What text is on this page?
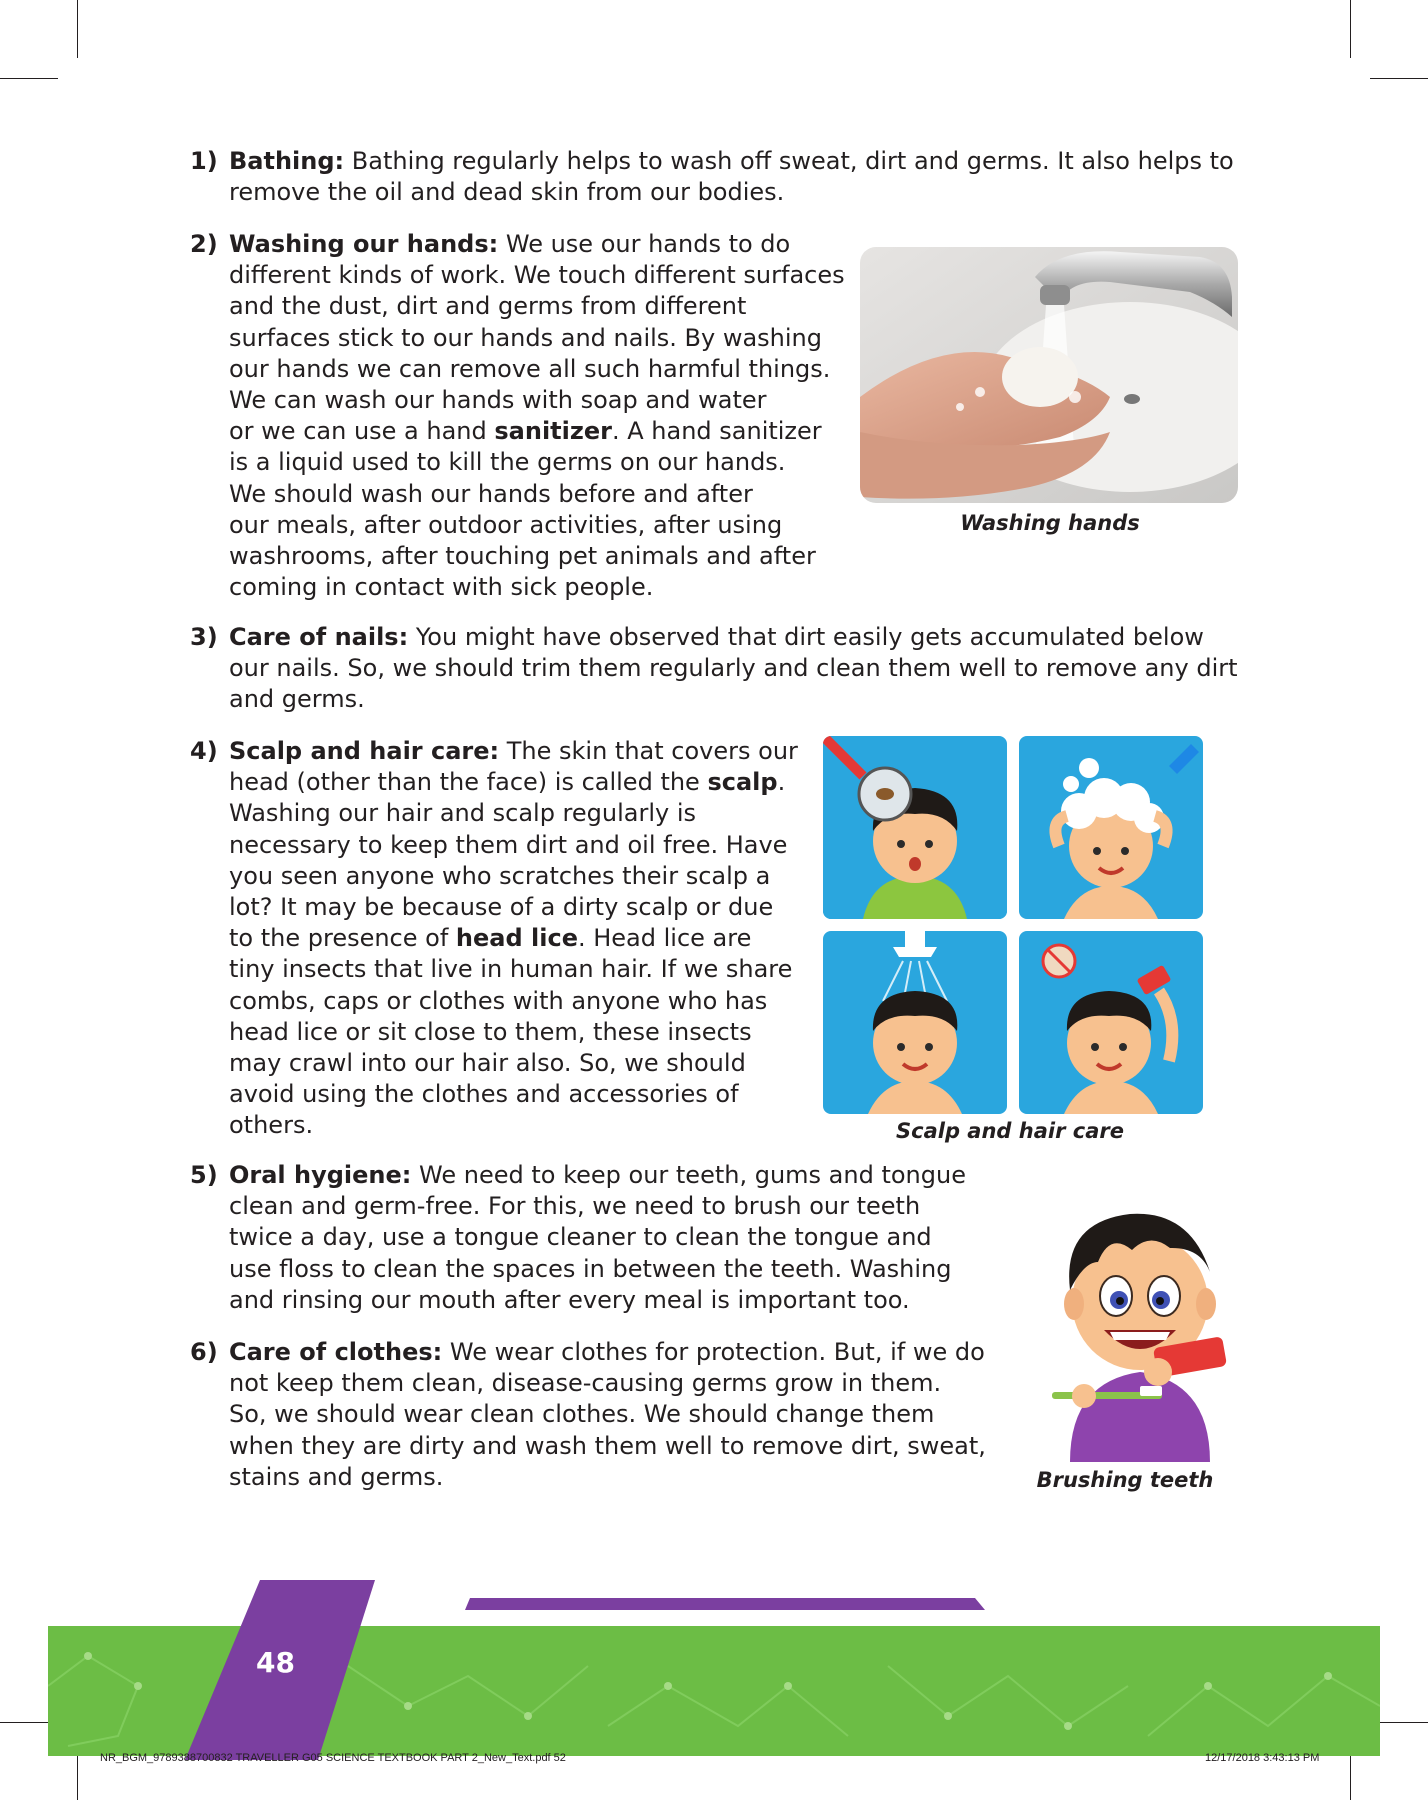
1) Bathing: Bathing regularly helps to wash off sweat, dirt and germs. It also helps to
remove the oil and dead skin from our bodies.
2) Washing our hands: We use our hands to do
different kinds of work. We touch different surfaces
and the dust, dirt and germs from different
surfaces stick to our hands and nails. By washing
our hands we can remove all such harmful things.
We can wash our hands with soap and water
or we can use a hand sanitizer. A hand sanitizer
is a liquid used to kill the germs on our hands.
We should wash our hands before and after
our meals, after outdoor activities, after using
washrooms, after touching pet animals and after
coming in contact with sick people.
Washing hands
3) Care of nails: You might have observed that dirt easily gets accumulated below
our nails. So, we should trim them regularly and clean them well to remove any dirt
and germs.
4) Scalp and hair care: The skin that covers our
head (other than the face) is called the scalp.
Washing our hair and scalp regularly is
necessary to keep them dirt and oil free. Have
you seen anyone who scratches their scalp a
lot? It may be because of a dirty scalp or due
to the presence of head lice. Head lice are
tiny insects that live in human hair. If we share
combs, caps or clothes with anyone who has
head lice or sit close to them, these insects
may crawl into our hair also. So, we should
avoid using the clothes and accessories of
others.	Scalp and hair care
5) Oral hygiene: We need to keep our teeth, gums and tongue
clean and germ-free. For this, we need to brush our teeth
twice a day, use a tongue cleaner to clean the tongue and
use floss to clean the spaces in between the teeth. Washing
and rinsing our mouth after every meal is important too.
6) Care of clothes: We wear clothes for protection. But, if we do
not keep them clean, disease-causing germs grow in them.
So, we should wear clean clothes. We should change them
when they are dirty and wash them well to remove dirt, sweat,
stains and germs.	Brushing teeth
48
NR_BGM_9789388700832 TRAVELLER G05 SCIENCE TEXTBOOK PART 2_New_Text.pdf 52	12/17/2018 3:43:13 PM
